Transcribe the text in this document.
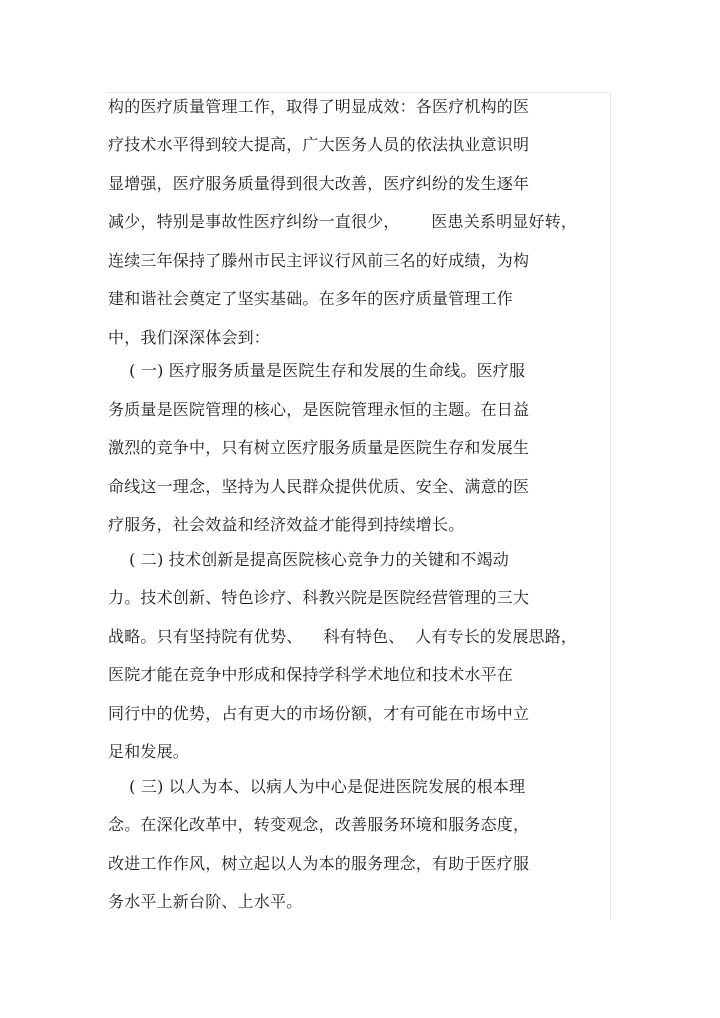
构的医疗质量管理工作，取得了明显成效：各医疗机构的医
疗技术水平得到较大提高，广大医务人员的依法执业意识明
显增强，医疗服务质量得到很大改善，医疗纠纷的发生逐年
减少，特别是事故性医疗纠纷一直很少，      医患关系明显好转，
连续三年保持了滕州市民主评议行风前三名的好成绩，为构
建和谐社会奠定了坚实基础。在多年的医疗质量管理工作
中，我们深深体会到：
( 一) 医疗服务质量是医院生存和发展的生命线。医疗服
务质量是医院管理的核心，是医院管理永恒的主题。在日益
激烈的竞争中，只有树立医疗服务质量是医院生存和发展生
命线这一理念，坚持为人民群众提供优质、安全、满意的医
疗服务，社会效益和经济效益才能得到持续增长。
( 二) 技术创新是提高医院核心竞争力的关键和不竭动
力。技术创新、特色诊疗、科教兴院是医院经营管理的三大
战略。只有坚持院有优势、    科有特色、  人有专长的发展思路，
医院才能在竞争中形成和保持学科学术地位和技术水平在
同行中的优势，占有更大的市场份额，才有可能在市场中立
足和发展。
( 三) 以人为本、以病人为中心是促进医院发展的根本理
念。在深化改革中，转变观念，改善服务环境和服务态度，
改进工作作风，树立起以人为本的服务理念，有助于医疗服
务水平上新台阶、上水平。
